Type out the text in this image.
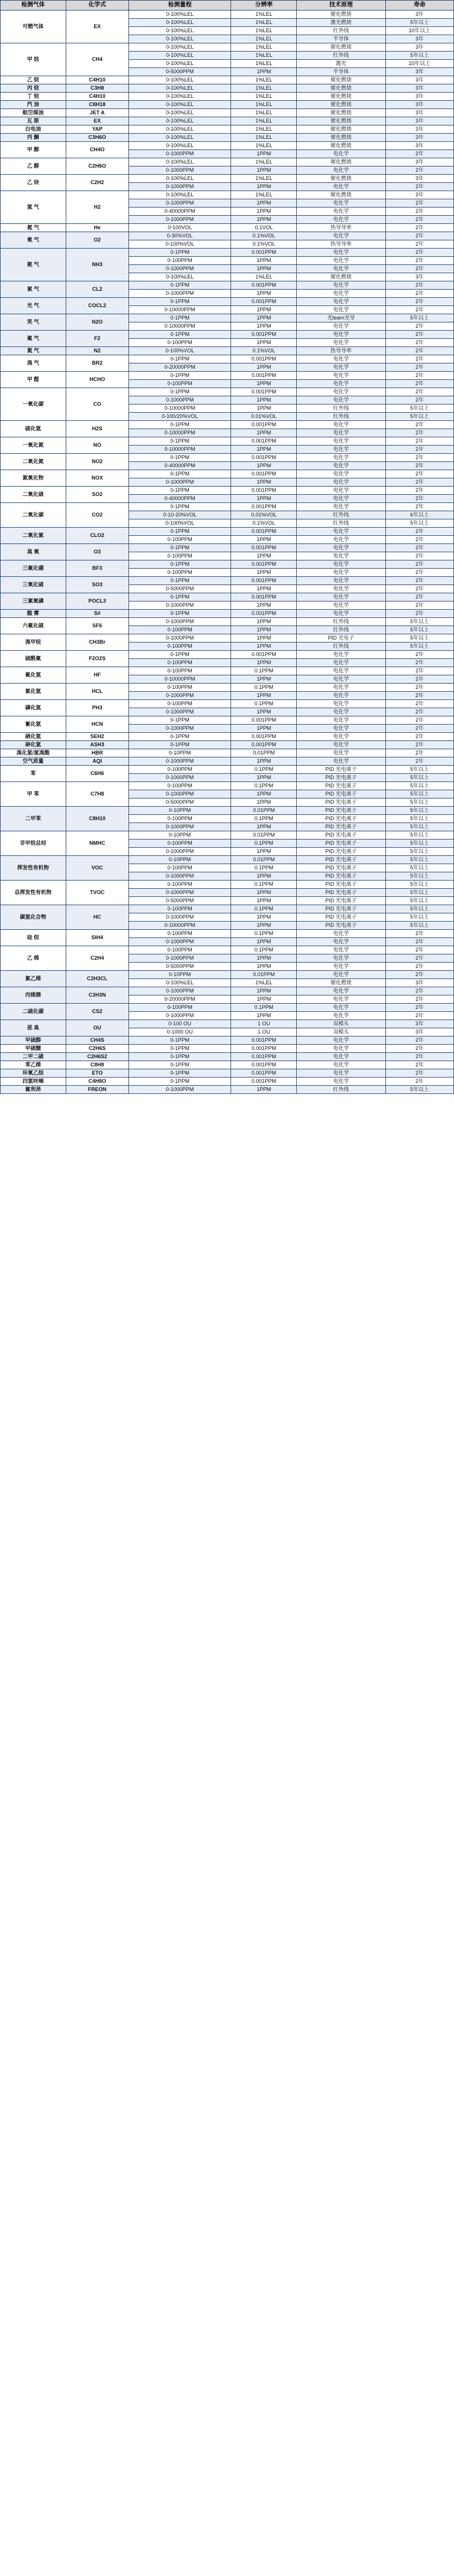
检测气体	化学式	检测量程	分辨率	技术原理	寿命
可燃气体	EX	0-100%LEL	1%LEL	催化燃烧	3年
		0-100%LEL	1%LEL	激光燃烧	5年以上
		0-100%LEL	1%LEL	红外线	10年以上
		0-100%LEL	1%LEL	半导体	3年
甲 烷	CH4	0-100%LEL	1%LEL	催化燃烧	3年
		0-100%LEL	1%LEL	红外线	5年以上
		0-100%LEL	1%LEL	激光	10年以上
		0-5000PPM	1PPM	半导体	3年
乙 烷	C4H10	0-100%LEL	1%LEL	催化燃烧	3年
丙 烷	C3H8	0-100%LEL	1%LEL	催化燃烧	3年
丁 烷	C4H10	0-100%LEL	1%LEL	催化燃烧	3年
汽 油	C8H18	0-100%LEL	1%LEL	催化燃烧	3年
航空煤油	JET A	0-100%LEL	1%LEL	催化燃烧	3年
瓦 斯	EX	0-100%LEL	1%LEL	催化燃烧	3年
白电油	YAP	0-100%LEL	1%LEL	催化燃烧	3年
丙 酮	C3H6O	0-100%LEL	1%LEL	催化燃烧	3年
甲 醇	CH4O	0-100%LEL	1%LEL	催化燃烧	3年
		0-1000PPM	1PPM	电化学	2年
乙 醇	C2H6O	0-100%LEL	1%LEL	催化燃烧	3年
		0-1000PPM	1PPM	电化学	2年
乙 炔	C2H2	0-100%LEL	1%LEL	催化燃烧	3年
		0-1000PPM	1PPM	电化学	2年
氢 气	H2	0-100%LEL	1%LEL	催化燃烧	3年
		0-1000PPM	1PPM	电化学	2年
		0-40000PPM	1PPM	电化学	2年
		0-1000PPM	1PPM	电化学	2年
氦 气	He	0-100VOL	0.1VOL	热导导率	2年
氧 气	O2	0-30%VOL	0.1%VOL	电化学	2年
		0-100%VOL	0.1%VOL	热导导率	2年
氨 气	NH3	0-1PPM	0.001PPM	电化学	2年
		0-100PPM	1PPM	电化学	2年
		0-1000PPM	1PPM	电化学	2年
		0-100%LEL	1%LEL	催化燃烧	3年
氯 气	CL2	0-1PPM	0.001PPM	电化学	2年
		0-1000PPM	1PPM	电化学	2年
光 气	COCL2	0-1PPM	0.001PPM	电化学	2年
		0-10000PPM	1PPM	电化学	2年
笑 气	N2O	0-1PPM	1PPM	光learn光导	5年以上
		0-10000PPM	1PPM	电化学	2年
氟 气	F2	0-1PPM	0.001PPM	电化学	2年
		0-100PPM	1PPM	电化学	2年
氮 气	N2	0-100%VOL	0.1%VOL	热导导率	2年
溴 气	BR2	0-1PPM	0.001PPM	电化学	2年
		0-20000PPM	1PPM	电化学	2年
甲 醛	HCHO	0-1PPM	0.001PPM	电化学	2年
		0-100PPM	1PPM	电化学	2年
一氧化碳	CO	0-1PPM	0.001PPM	电化学	2年
		0-1000PPM	1PPM	电化学	2年
		0-10000PPM	1PPM	红外线	5年以上
		0-100/20%VOL	0.01%VOL	红外线	5年以上
硫化氢	H2S	0-1PPM	0.001PPM	电化学	2年
		0-10000PPM	1PPM	电化学	2年
一氧化氮	NO	0-1PPM	0.001PPM	电化学	2年
		0-10000PPM	1PPM	电化学	2年
二氧化氮	NO2	0-1PPM	0.001PPM	电化学	2年
		0-40000PPM	1PPM	电化学	2年
氮氧化物	NOX	0-1PPM	0.001PPM	电化学	2年
		0-1000PPM	1PPM	电化学	2年
二氧化硫	SO2	0-1PPM	0.001PPM	电化学	2年
		0-40000PPM	1PPM	电化学	2年
二氧化碳	CO2	0-1PPM	0.001PPM	电化学	2年
		0-10-20%VOL	0.01%VOL	红外线	6年以上
		0-100%VOL	0.1%VOL	红外线	5年以上
二氧化氯	CLO2	0-1PPM	0.001PPM	电化学	2年
		0-100PPM	1PPM	电化学	2年
臭 氧	O3	0-1PPM	0.001PPM	电化学	2年
		0-100PPM	1PPM	电化学	2年
三氟化硼	BF3	0-1PPM	0.001PPM	电化学	2年
		0-100PPM	1PPM	电化学	2年
三氧化硫	SO3	0-1PPM	0.001PPM	电化学	2年
		0-5000PPM	1PPM	电化学	2年
三氯氧磷	POCL3	0-1PPM	0.001PPM	电化学	2年
		0-1000PPM	1PPM	电化学	2年
酸 雾	S#	0-1PPM	0.001PPM	电化学	2年
六氟化硫	SF6	0-1000PPM	1PPM	红外线	5年以上
		0-100PPM	1PPM	红外线	5年以上
溴甲烷	CH3Br	0-1000PPM	1PPM	PID 光电子	5年以上
		0-100PPM	1PPM	红外线	5年以上
硫酰氟	F2O2S	0-1PPM	0.001PPM	电化学	2年
		0-100PPM	1PPM	电化学	2年
氟化氢	HF	0-100PPM	0.1PPM	电化学	2年
		0-10000PPM	1PPM	电化学	2年
氯化氢	HCL	0-100PPM	0.1PPM	电化学	2年
		0-1000PPM	1PPM	电化学	2年
磷化氢	PH3	0-100PPM	0.1PPM	电化学	2年
		0-1000PPM	1PPM	电化学	2年
氰化氢	HCN	0-1PPM	0.001PPM	电化学	2年
		0-1000PPM	1PPM	电化学	2年
硒化氢	SEH2	0-1PPM	0.001PPM	电化学	2年
砷化氢	ASH3	0-1PPM	0.001PPM	电化学	2年
溴化氢/氢溴酸	HBR	0-10PPM	0.01PPM	电化学	2年
空气质量	AQI	0-1000PPM	1PPM	电化学	2年
苯	C6H6	0-100PPM	0.1PPM	PID 光电离子	5年以上
		0-1000PPM	1PPM	PID 光电离子	5年以上
甲 苯	C7H8	0-100PPM	0.1PPM	PID 光电离子	5年以上
		0-1000PPM	1PPM	PID 光电离子	5年以上
		0-5000PPM	1PPM	PID 光电离子	5年以上
二甲苯	C8H10	0-10PPM	0.01PPM	PID 光电离子	5年以上
		0-100PPM	0.1PPM	PID 光电离子	5年以上
		0-1000PPM	1PPM	PID 光电离子	5年以上
非甲烷总烃	NMHC	0-10PPM	0.01PPM	PID 光电离子	5年以上
		0-100PPM	0.1PPM	PID 光电离子	5年以上
		0-1000PPM	1PPM	PID 光电离子	5年以上
挥发性有机物	VOC	0-10PPM	0.01PPM	PID 光电离子	5年以上
		0-100PPM	0.1PPM	PID 光电离子	5年以上
		0-1000PPM	1PPM	PID 光电离子	5年以上
总挥发性有机物	TVOC	0-100PPM	0.1PPM	PID 光电离子	5年以上
		0-1000PPM	1PPM	PID 光电离子	5年以上
		0-5000PPM	1PPM	PID 光电离子	5年以上
碳氢化合物	HC	0-100PPM	0.1PPM	PID 光电离子	5年以上
		0-1000PPM	1PPM	PID 光电离子	5年以上
		0-10000PPM	1PPM	PID 光电离子	5年以上
硅 烷	SIH4	0-100PPM	0.1PPM	电化学	2年
		0-1000PPM	1PPM	电化学	2年
乙 烯	C2H4	0-100PPM	0.1PPM	电化学	2年
		0-1000PPM	1PPM	电化学	2年
		0-5000PPM	1PPM	电化学	2年
氯乙烯	C2H3CL	0-10PPM	0.01PPM	电化学	2年
		0-100%LEL	1%LEL	催化燃烧	3年
丙烯腈	C3H3N	0-1000PPM	1PPM	电化学	2年
		0-20000PPM	1PPM	电化学	2年
二硫化碳	CS2	0-100PPM	0.1PPM	电化学	2年
		0-1000PPM	1PPM	电化学	2年
恶 臭	OU	0-100 OU	1 OU	双模头	3年
		0-1000 OU	1 OU	双模头	3年
甲硫醇	CH4S	0-1PPM	0.001PPM	电化学	2年
甲硫醚	C2H6S	0-1PPM	0.001PPM	电化学	2年
二甲二硫	C2H6S2	0-1PPM	0.001PPM	电化学	2年
苯乙烯	C8H8	0-1PPM	0.001PPM	电化学	2年
环氧乙烷	ETO	0-1PPM	0.001PPM	电化学	2年
四氢呋喃	C4H8O	0-1PPM	0.001PPM	电化学	2年
氟利昂	FREON	0-1000PPM	1PPM	红外线	5年以上
